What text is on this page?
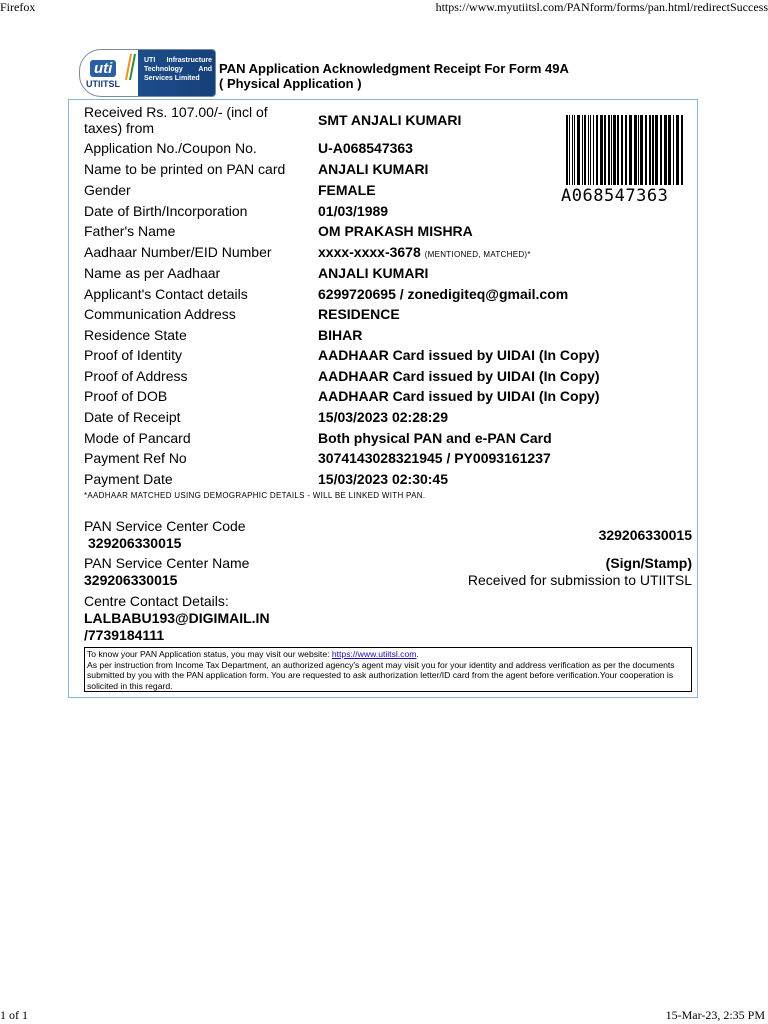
Firefox	https://www.myutiitsl.com/PANform/forms/pan.html/redirectSuccess
uti
UTIITSL
UTI Infrastructure Technology And Services Limited
PAN Application Acknowledgment Receipt For Form 49A
( Physical Application )
Received Rs. 107.00/- (incl of
taxes) from	SMT ANJALI KUMARI
Application No./Coupon No.	U-A068547363
Name to be printed on PAN card ANJALI KUMARI
Gender	FEMALE
Date of Birth/Incorporation	01/03/1989
Father's Name	OM PRAKASH MISHRA
Aadhaar Number/EID Number	xxxx-xxxx-3678 (MENTIONED, MATCHED)*
Name as per Aadhaar	ANJALI KUMARI
Applicant's Contact details	6299720695 / zonedigiteq@gmail.com
Communication Address	RESIDENCE
Residence State	BIHAR
Proof of Identity	AADHAAR Card issued by UIDAI (In Copy)
Proof of Address	AADHAAR Card issued by UIDAI (In Copy)
Proof of DOB	AADHAAR Card issued by UIDAI (In Copy)
Date of Receipt	15/03/2023 02:28:29
Mode of Pancard	Both physical PAN and e-PAN Card
Payment Ref No	3074143028321945 / PY0093161237
Payment Date	15/03/2023 02:30:45
A068547363
*AADHAAR MATCHED USING DEMOGRAPHIC DETAILS - WILL BE LINKED WITH PAN.
PAN Service Center Code
329206330015	329206330015
PAN Service Center Name
329206330015
(Sign/Stamp)
Received for submission to UTIITSL
Centre Contact Details:
LALBABU193@DIGIMAIL.IN
/7739184111
To know your PAN Application status, you may visit our website: https://www.utiitsl.com.
As per instruction from Income Tax Department, an authorized agency's agent may visit you for your identity and address verification as per the documents submitted by you with the PAN application form. You are requested to ask authorization letter/ID card from the agent before verification.Your cooperation is solicited in this regard.
1 of 1	15-Mar-23, 2:35 PM
